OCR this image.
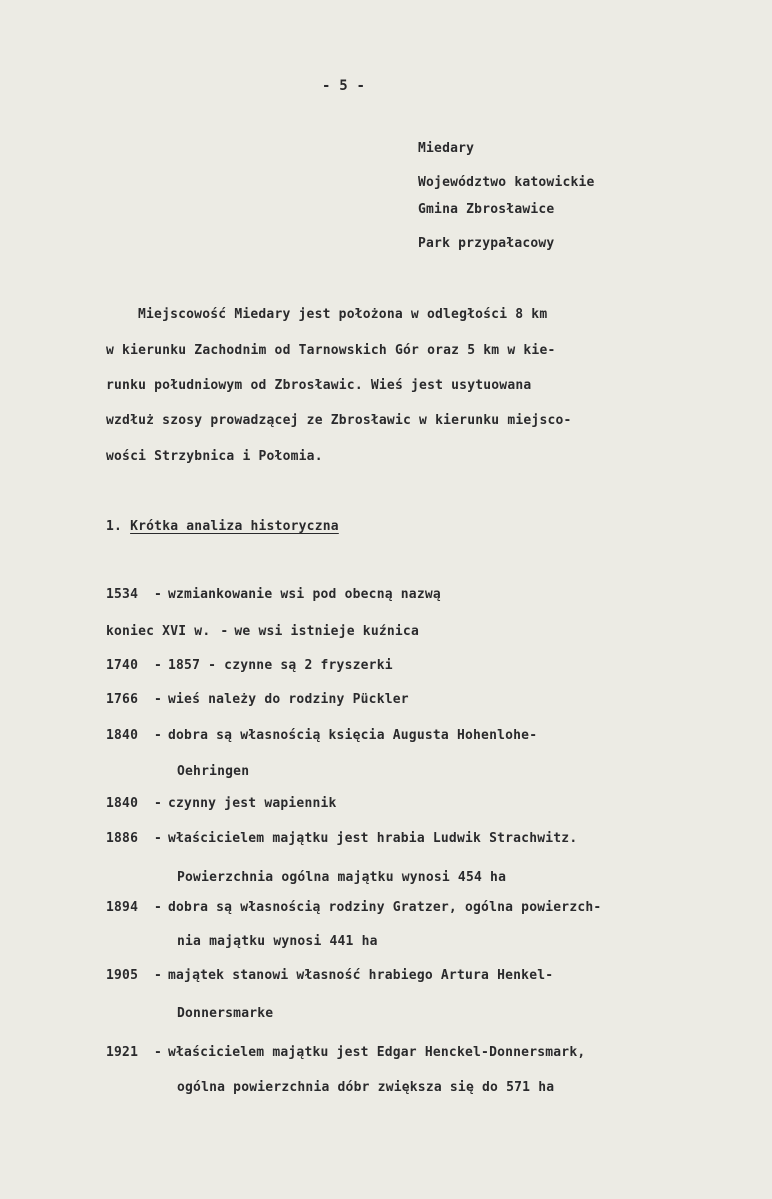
- 5 -
Miedary
Województwo katowickie
Gmina Zbrosławice
Park przypałacowy
Miejscowość Miedary jest położona w odległości 8 km
w kierunku Zachodnim od Tarnowskich Gór oraz 5 km w kie-
runku południowym od Zbrosławic. Wieś jest usytuowana
wzdłuż szosy prowadzącej ze Zbrosławic w kierunku miejsco-
wości Strzybnica i Połomia.
1. Krótka analiza historyczna
1534 - wzmiankowanie wsi pod obecną nazwą
koniec XVI w. - we wsi istnieje kuźnica
1740 - 1857 - czynne są 2 fryszerki
1766 - wieś należy do rodziny Pückler
1840 - dobra są własnością księcia Augusta Hohenlohe-
Oehringen
1840 - czynny jest wapiennik
1886 - właścicielem majątku jest hrabia Ludwik Strachwitz.
Powierzchnia ogólna majątku wynosi 454 ha
1894 - dobra są własnością rodziny Gratzer, ogólna powierzch-
nia majątku wynosi 441 ha
1905 - majątek stanowi własność hrabiego Artura Henkel-
Donnersmarke
1921 - właścicielem majątku jest Edgar Henckel-Donnersmark,
ogólna powierzchnia dóbr zwiększa się do 571 ha
